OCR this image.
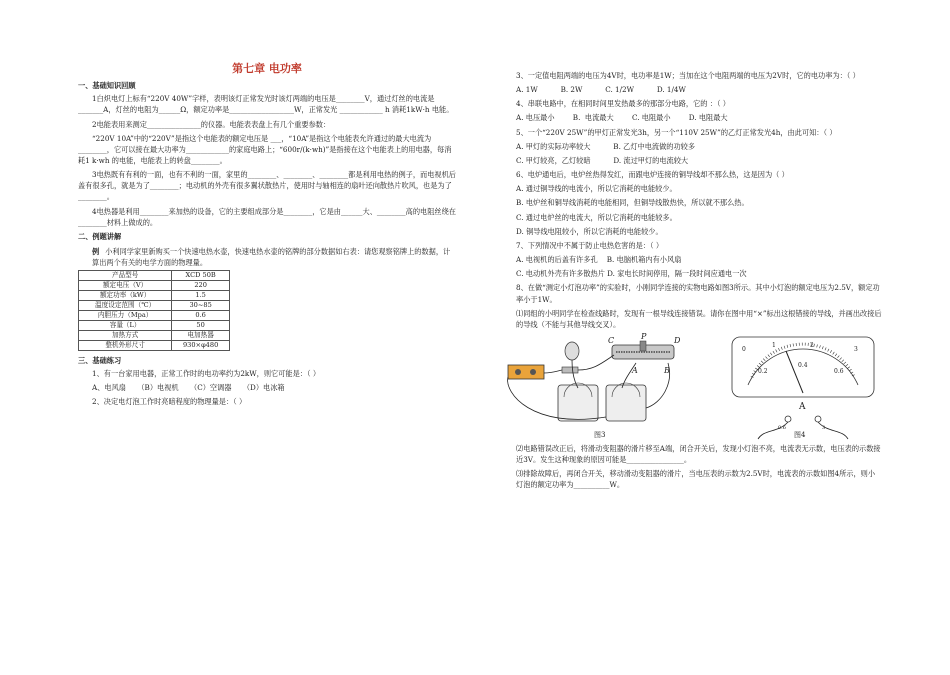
第七章 电功率
一、基础知识回顾
1白炽电灯上标有“220V 40W”字样，表明该灯正常发光时该灯两端的电压是________V，通过灯丝的电流是_______A，灯丝的电阻为______Ω，额定功率是__________________W，正常发光 ____________ h 消耗1kW·h 电能。
2电能表用来测定_______________的仪器。电能表表盘上有几个重要参数：
“220V 10A”中的“220V”是指这个电能表的额定电压是 ___，“10A”是指这个电能表允许通过的最大电流为________，它可以接在最大功率为____________的家庭电路上；“600r/(k·wh)”是指接在这个电能表上的用电器，每消耗1 k·wh 的电能，电能表上的转盘________。
3电热既有有利的一面，也有不利的一面，家里的________、________、________都是利用电热的例子，而电视机后盖有很多孔，就是为了________；电动机的外壳有很多翼状散热片，使用时与轴相连的扇叶还向散热片吹风，也是为了________。
4电热器是利用________来加热的设备，它的主要组成部分是________，它是由______大、________高的电阻丝绕在________材料上做成的。
二、例题讲解
例 小利同学家里新购买一个快速电热水壶，快速电热水壶的铭牌的部分数据如右表：请您观察铭牌上的数据，计算出两个有关的电学方面的物理量。
产品型号	XCD 50B
额定电压（V）	220
额定功率（kW）	1.5
温度设定范围（℃）	30~85
内胆压力（Mpa）	0.6
容量（L）	50
加热方式	电加热器
整机外形尺寸	930×φ480
三、基础练习
1、有一台家用电器，正常工作时的电功率约为2kW，则它可能是：（ ）
A、电风扇     （B）电视机     （C）空调器     （D）电冰箱
2、决定电灯泡工作时亮暗程度的物理量是：（ ）
3、一定值电阻两端的电压为4V时，电功率是1W；当加在这个电阻两端的电压为2V时，它的电功率为：（ ）
A. 1W          B. 2W          C. 1/2W          D. 1/4W
4、串联电路中，在相同时间里发热最多的那部分电路，它的 ：（ ）
A. 电压最小        B.  电流最大        C. 电阻最小        D. 电阻最大
5、一个“220V 25W”的甲灯正常发光3h，另一个“110V 25W”的乙灯正常发光4h，由此可知：（ ）
A. 甲灯的实际功率较大          B. 乙灯中电流做的功较多
C. 甲灯较亮，乙灯较暗          D. 流过甲灯的电流较大
6、电炉通电后，电炉丝热得发红，而跟电炉连接的铜导线却不那么热，这是因为（ ）
A. 通过铜导线的电流小，所以它消耗的电能较少。
B. 电炉丝和铜导线消耗的电能相同，但铜导线散热快，所以就不那么热。
C. 通过电炉丝的电流大，所以它消耗的电能较多。
D. 铜导线电阻较小，所以它消耗的电能较少。
7、下列情况中不属于防止电热危害的是：（ ）
A. 电视机的后盖有许多孔    B. 电脑机箱内有小风扇
C. 电动机外壳有许多散热片 D. 家电长时间停用，隔一段时间应通电一次
8、在做“测定小灯泡功率”的实验时，小刚同学连接的实物电路如图3所示。其中小灯泡的额定电压为2.5V，额定功率小于1W。
⑴同组的小明同学在检查线路时，发现有一根导线连接错误。请你在图中用“×”标出这根错接的导线，并画出改接后的导线（不能与其他导线交叉）。
C	P	D
A	B
图3
0
1	2
3
0.2
0.4
0.6
A
0.6	3
图4
⑵电路错误改正后，将滑动变阻器的滑片移至A端，闭合开关后，发现小灯泡不亮，电流表无示数，电压表的示数接近3V。发生这种现象的原因可能是________________。
⑶排除故障后，再闭合开关，移动滑动变阻器的滑片，当电压表的示数为2.5V时，电流表的示数如图4所示，则小灯泡的额定功率为__________W。
